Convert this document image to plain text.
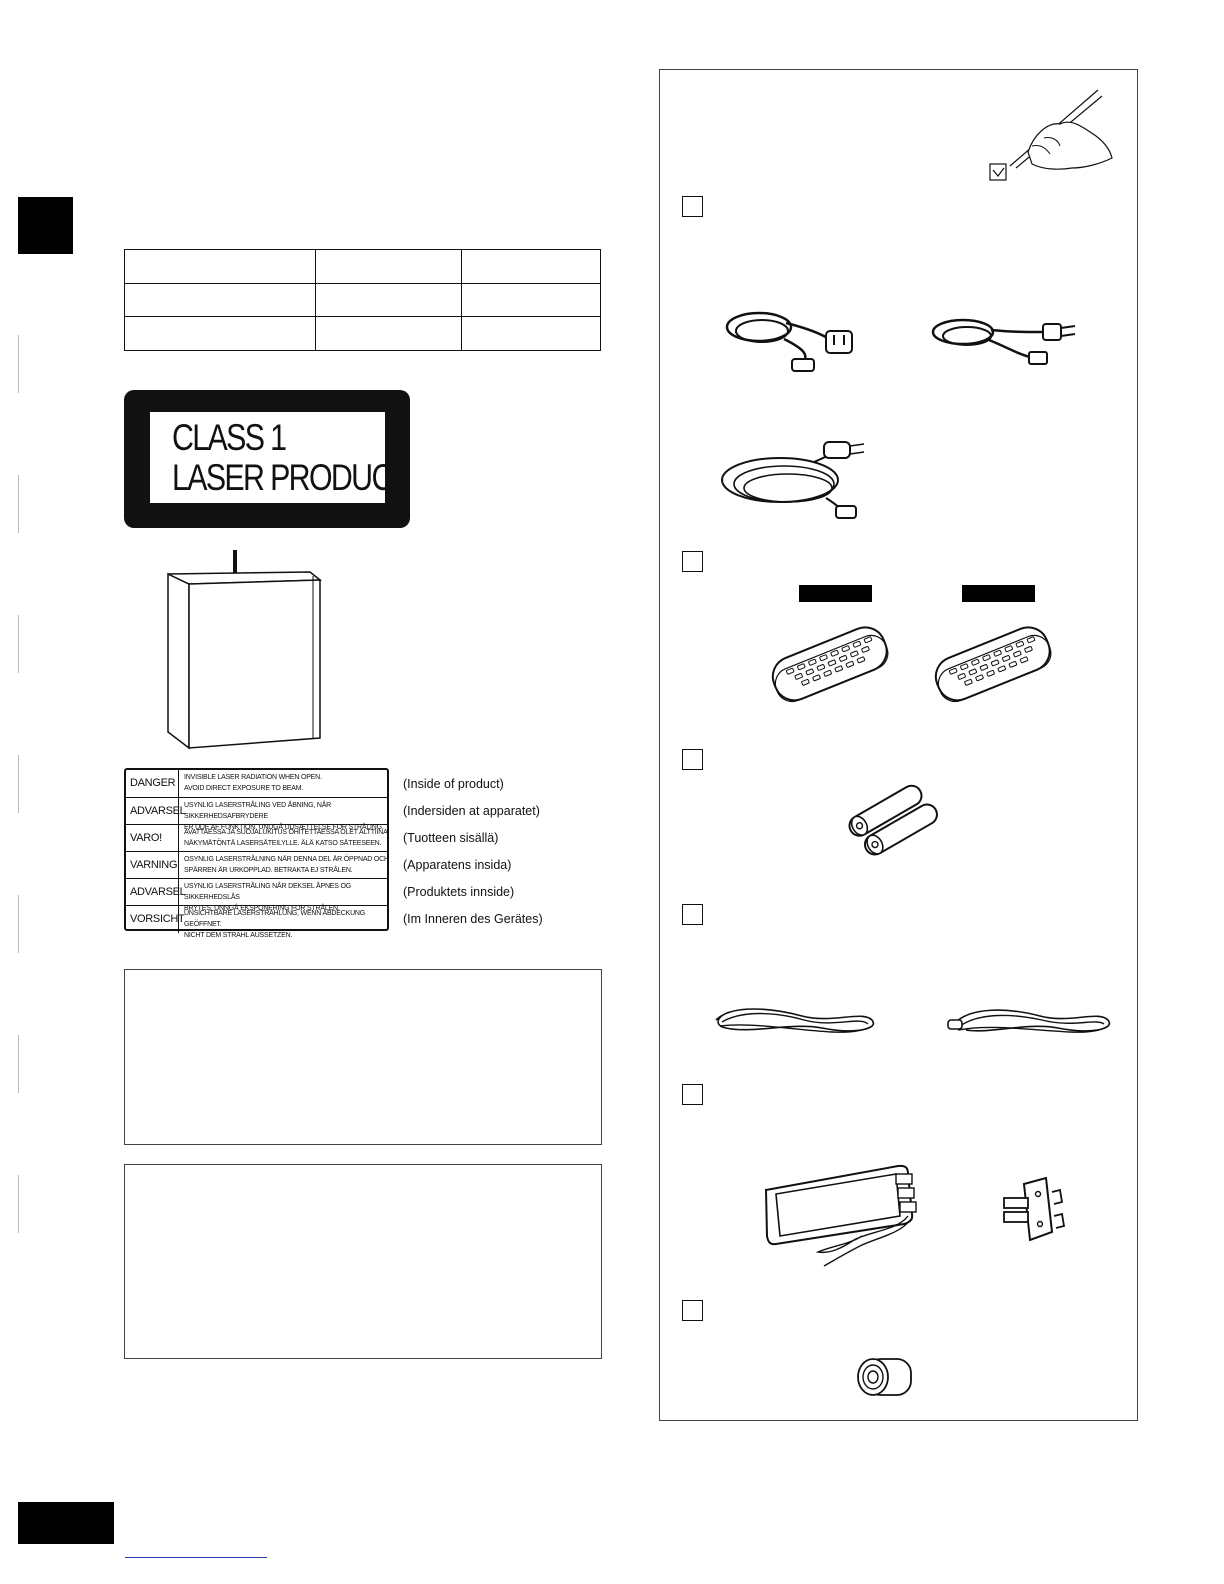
CLASS 1
LASER PRODUCT
DANGER INVISIBLE LASER RADIATION WHEN OPEN.
AVOID DIRECT EXPOSURE TO BEAM.
ADVARSEL
USYNLIG LASERSTRÅLING VED ÅBNING, NÅR SIKKERHEDSAFBRYDERE
ER UDE AF FUNKTION. UNDGÅ UDSÆTTELSE FOR STRÅLING.
VARO!	AVATTAESSA JA SUOJALUKITUS OHITETTAESSA OLET ALTTIINA
NÄKYMÄTÖNTÄ LASERSÄTEILYLLE. ÄLÄ KATSO SÄTEESEEN.
VARNING OSYNLIG LASERSTRÅLNING NÄR DENNA DEL ÄR ÖPPNAD OCH
SPÄRREN ÄR URKOPPLAD. BETRAKTA EJ STRÅLEN.
ADVARSEL
USYNLIG LASERSTRÅLING NÅR DEKSEL ÅPNES OG SIKKERHEDSLÅS
BRYTES. UNNGÅ EKSPONERING FOR STRÅLEN.
VORSICHT UNSICHTBARE LASERSTRAHLUNG, WENN ABDECKUNG GEÖFFNET.
NICHT DEM STRAHL AUSSETZEN.
(Inside of product)
(Indersiden at apparatet)
(Tuotteen sisällä)
(Apparatens insida)
(Produktets innside)
(Im Inneren des Gerätes)
